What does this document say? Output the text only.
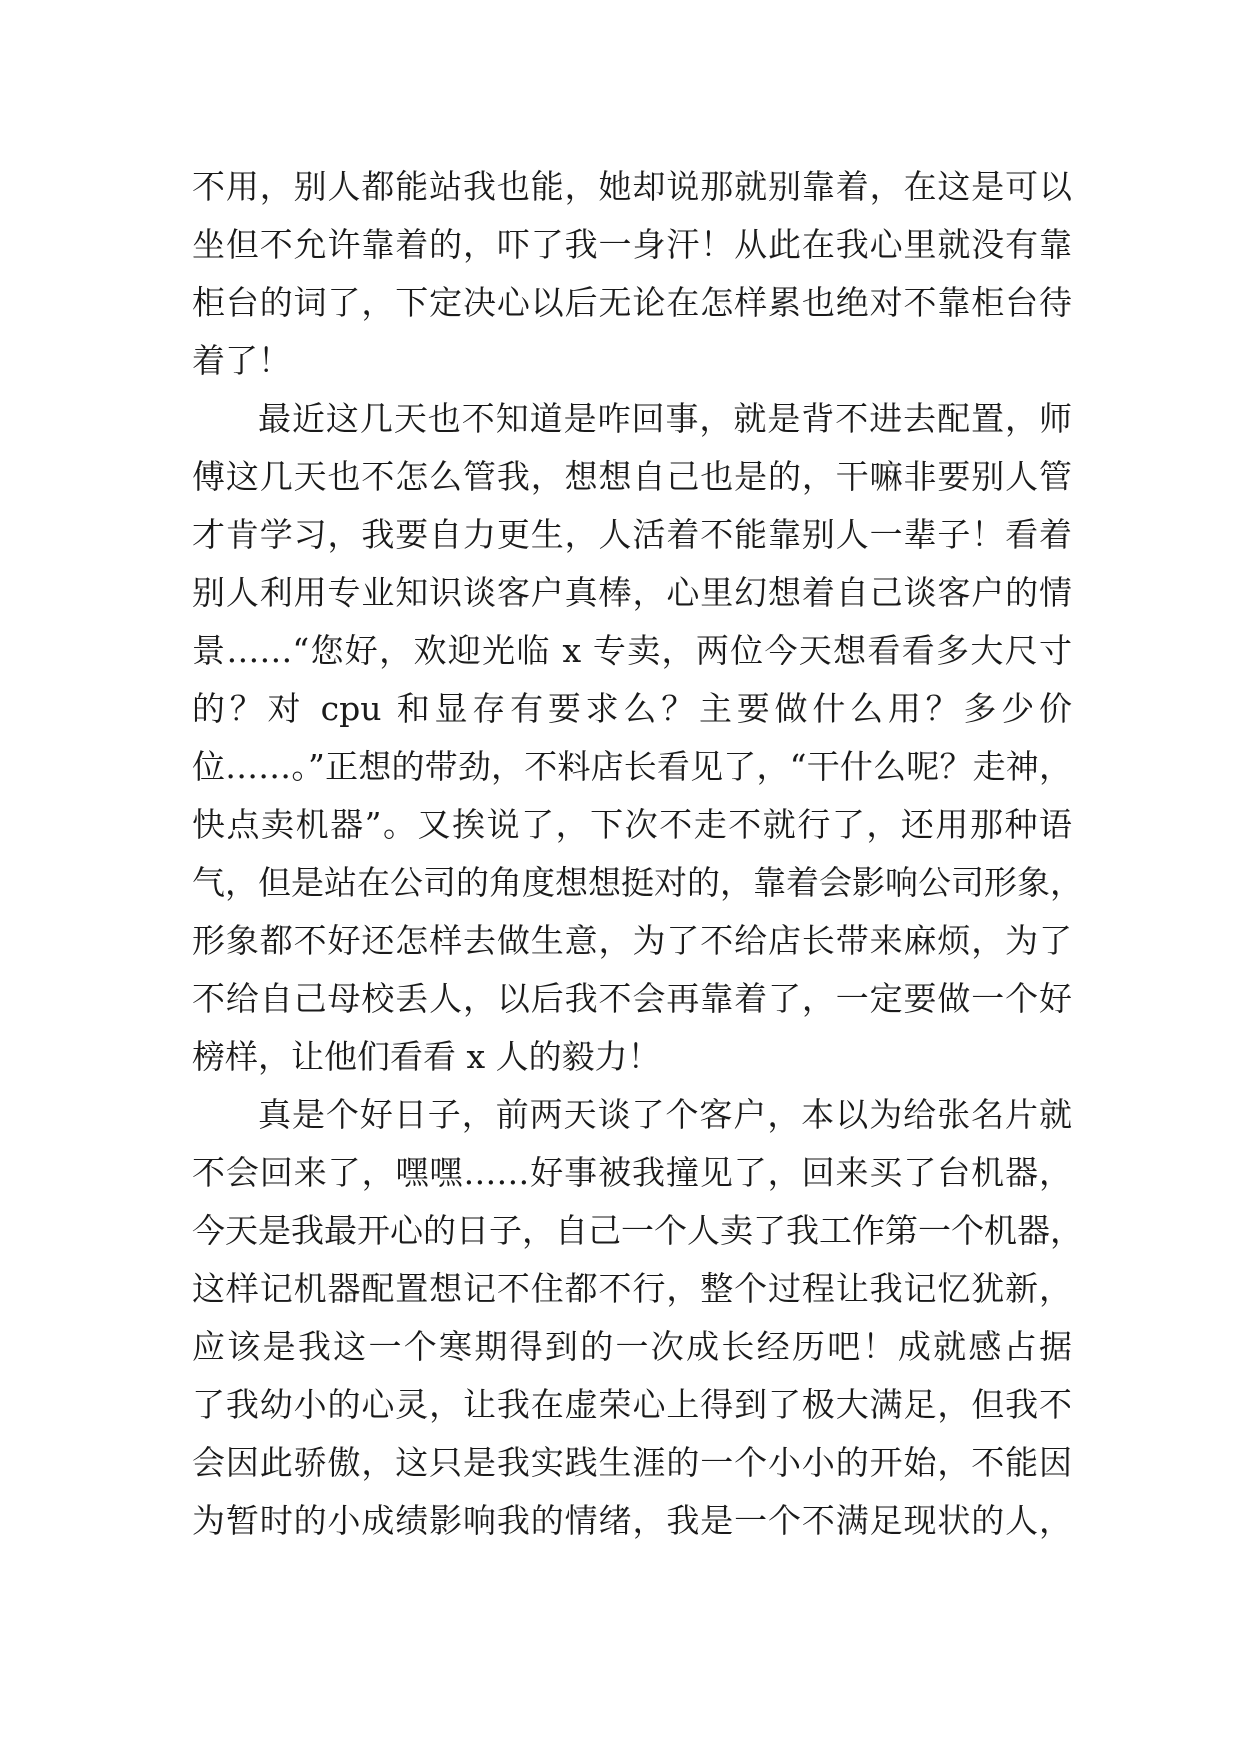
不用，别人都能站我也能，她却说那就别靠着，在这是可以
坐但不允许靠着的，吓了我一身汗！从此在我心里就没有靠
柜台的词了，下定决心以后无论在怎样累也绝对不靠柜台待
着了！
最近这几天也不知道是咋回事，就是背不进去配置，师
傅这几天也不怎么管我，想想自己也是的，干嘛非要别人管
才肯学习，我要自力更生，人活着不能靠别人一辈子！看着
别人利用专业知识谈客户真棒，心里幻想着自己谈客户的情
景……“您好，欢迎光临 x 专卖，两位今天想看看多大尺寸
的？对 cpu 和显存有要求么？主要做什么用？多少价
位……。”正想的带劲，不料店长看见了，“干什么呢？走神，
快点卖机器”。又挨说了，下次不走不就行了，还用那种语
气，但是站在公司的角度想想挺对的，靠着会影响公司形象，
形象都不好还怎样去做生意，为了不给店长带来麻烦，为了
不给自己母校丢人，以后我不会再靠着了，一定要做一个好
榜样，让他们看看 x 人的毅力！
真是个好日子，前两天谈了个客户，本以为给张名片就
不会回来了，嘿嘿……好事被我撞见了，回来买了台机器，
今天是我最开心的日子，自己一个人卖了我工作第一个机器，
这样记机器配置想记不住都不行，整个过程让我记忆犹新，
应该是我这一个寒期得到的一次成长经历吧！成就感占据
了我幼小的心灵，让我在虚荣心上得到了极大满足，但我不
会因此骄傲，这只是我实践生涯的一个小小的开始，不能因
为暂时的小成绩影响我的情绪，我是一个不满足现状的人，
